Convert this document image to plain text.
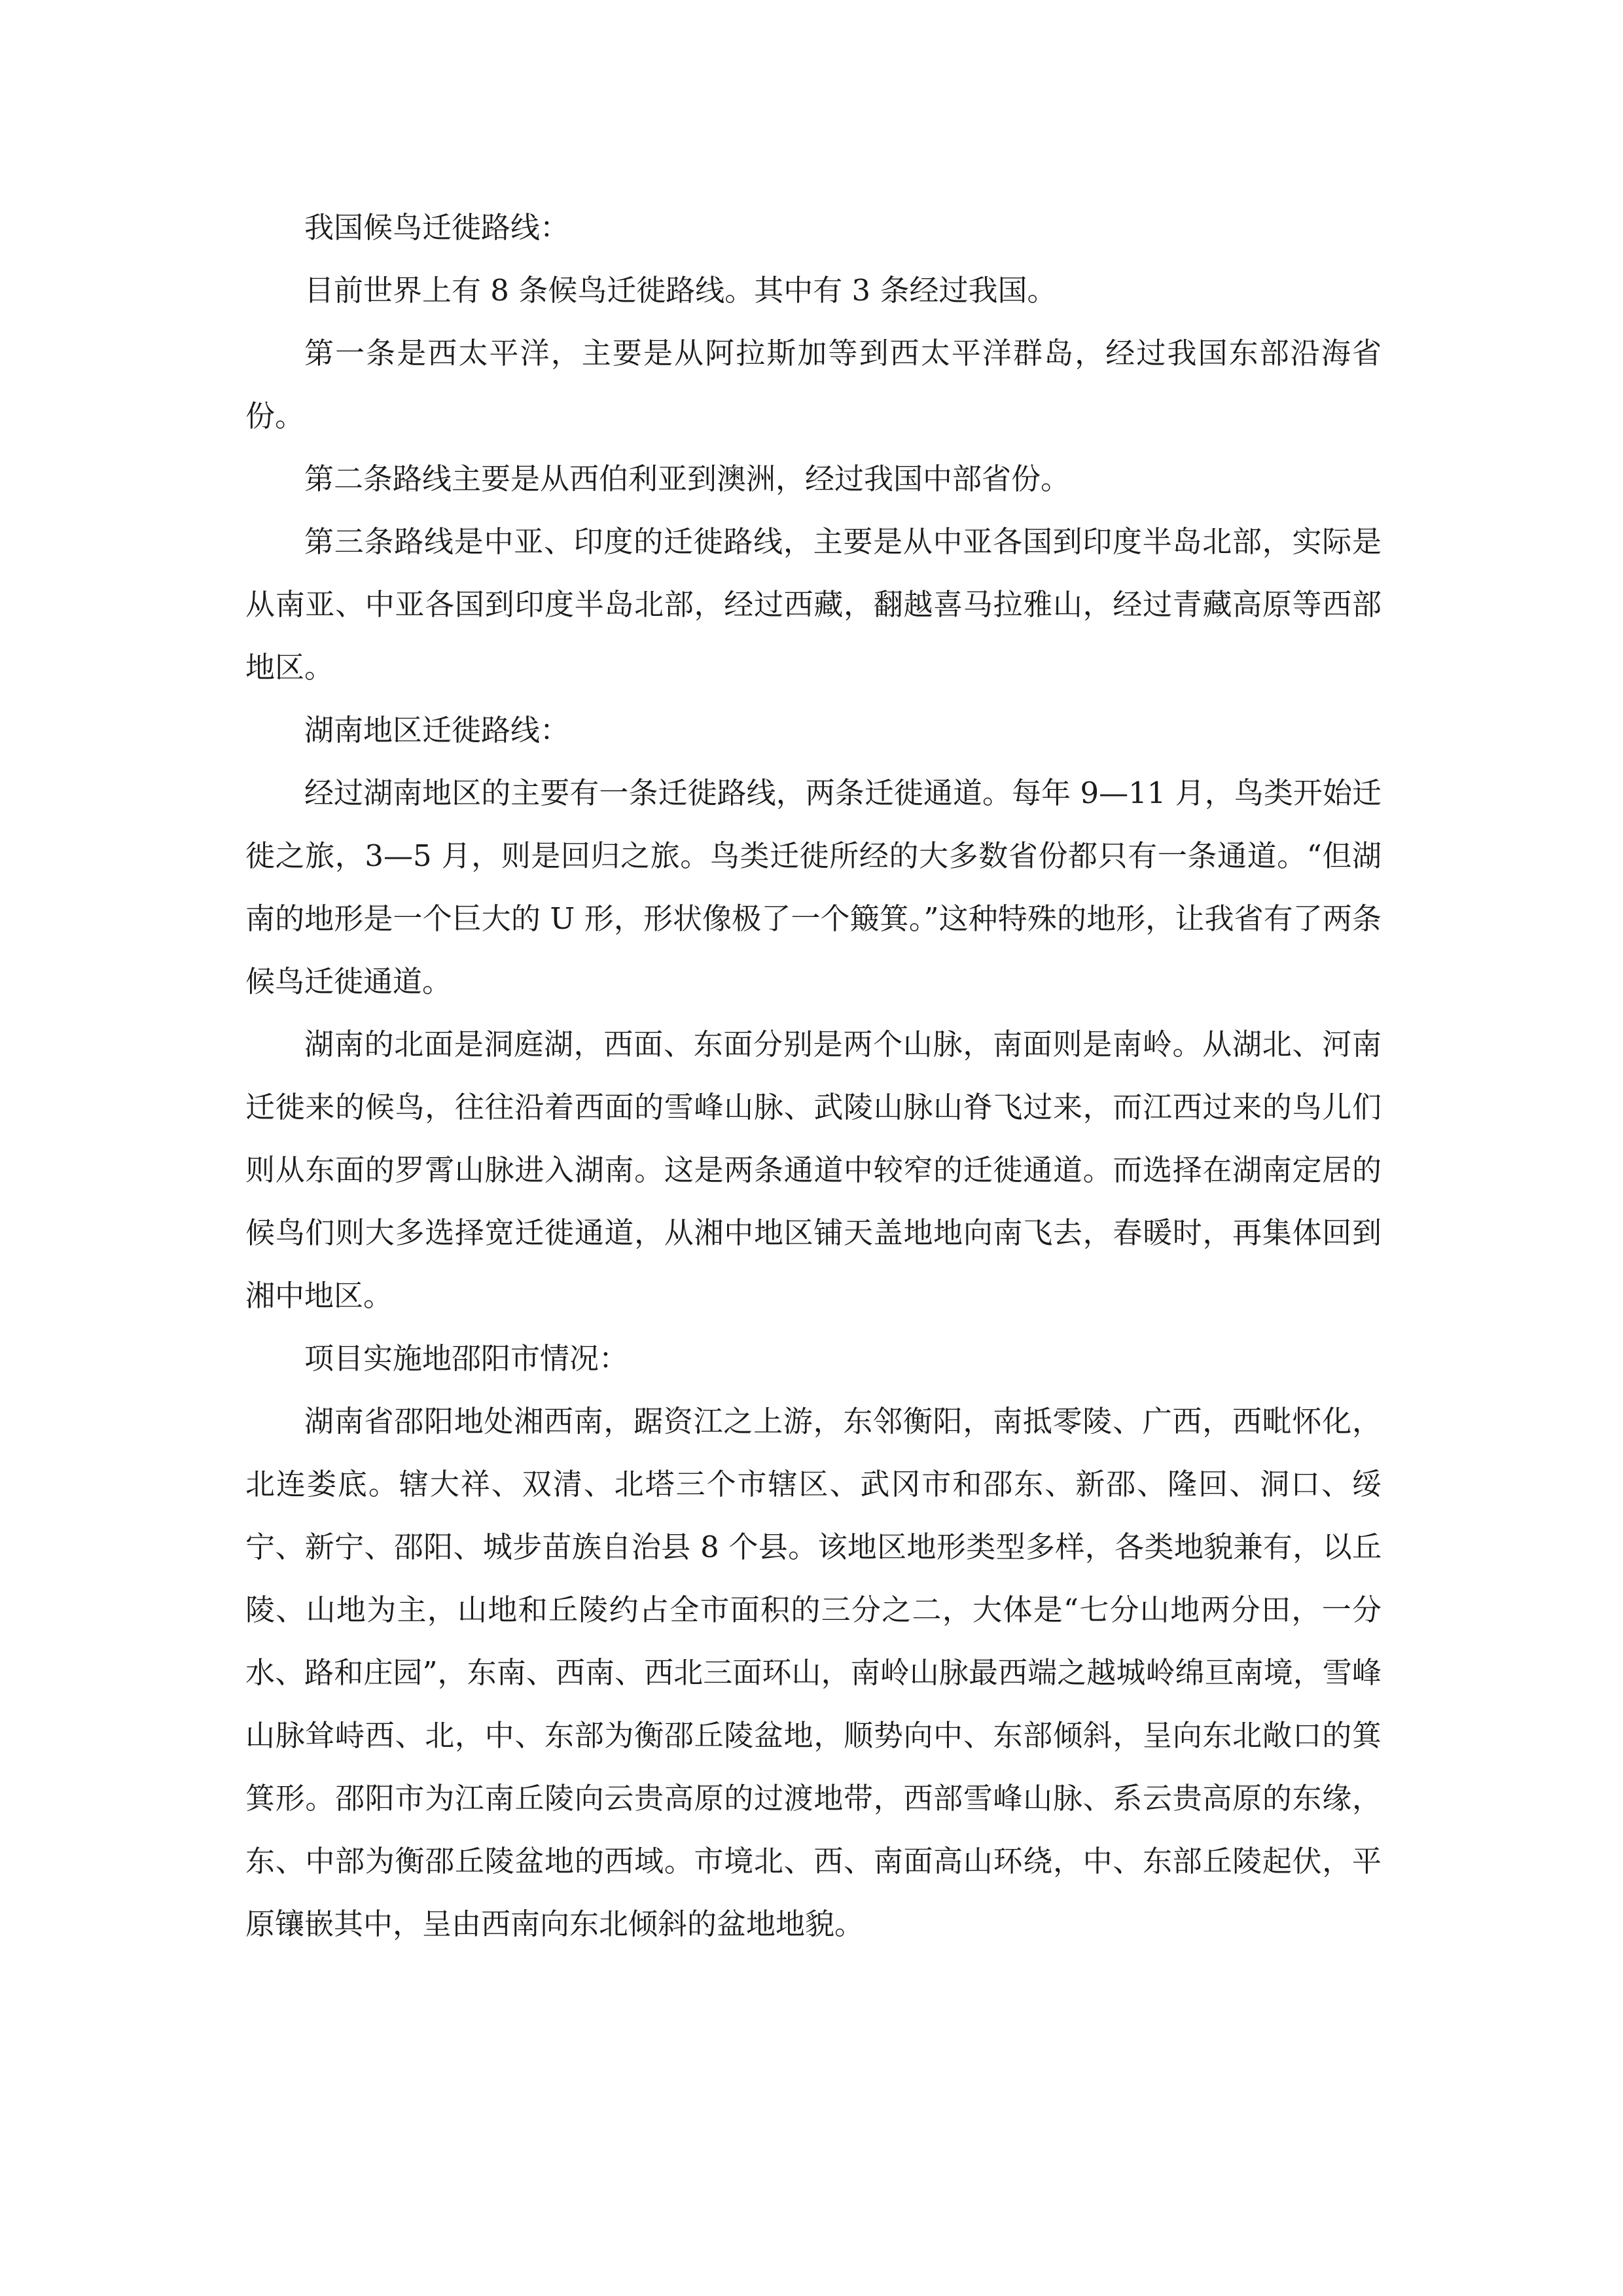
我国候鸟迁徙路线：

目前世界上有 8 条候鸟迁徙路线。其中有 3 条经过我国。

第一条是西太平洋，主要是从阿拉斯加等到西太平洋群岛，经过我国东部沿海省份。

第二条路线主要是从西伯利亚到澳洲，经过我国中部省份。

第三条路线是中亚、印度的迁徙路线，主要是从中亚各国到印度半岛北部，实际是从南亚、中亚各国到印度半岛北部，经过西藏，翻越喜马拉雅山，经过青藏高原等西部地区。

湖南地区迁徙路线：

经过湖南地区的主要有一条迁徙路线，两条迁徙通道。每年 9—11 月，鸟类开始迁徙之旅，3—5 月，则是回归之旅。鸟类迁徙所经的大多数省份都只有一条通道。“但湖南的地形是一个巨大的 U 形，形状像极了一个簸箕。”这种特殊的地形，让我省有了两条候鸟迁徙通道。

湖南的北面是洞庭湖，西面、东面分别是两个山脉，南面则是南岭。从湖北、河南迁徙来的候鸟，往往沿着西面的雪峰山脉、武陵山脉山脊飞过来，而江西过来的鸟儿们则从东面的罗霄山脉进入湖南。这是两条通道中较窄的迁徙通道。而选择在湖南定居的候鸟们则大多选择宽迁徙通道，从湘中地区铺天盖地地向南飞去，春暖时，再集体回到湘中地区。

项目实施地邵阳市情况：

湖南省邵阳地处湘西南，踞资江之上游，东邻衡阳，南抵零陵、广西，西毗怀化，北连娄底。辖大祥、双清、北塔三个市辖区、武冈市和邵东、新邵、隆回、洞口、绥宁、新宁、邵阳、城步苗族自治县 8 个县。该地区地形类型多样，各类地貌兼有，以丘陵、山地为主，山地和丘陵约占全市面积的三分之二，大体是“七分山地两分田，一分水、路和庄园”，东南、西南、西北三面环山，南岭山脉最西端之越城岭绵亘南境，雪峰山脉耸峙西、北，中、东部为衡邵丘陵盆地，顺势向中、东部倾斜，呈向东北敞口的箕箕形。邵阳市为江南丘陵向云贵高原的过渡地带，西部雪峰山脉、系云贵高原的东缘，东、中部为衡邵丘陵盆地的西域。市境北、西、南面高山环绕，中、东部丘陵起伏，平原镶嵌其中，呈由西南向东北倾斜的盆地地貌。
